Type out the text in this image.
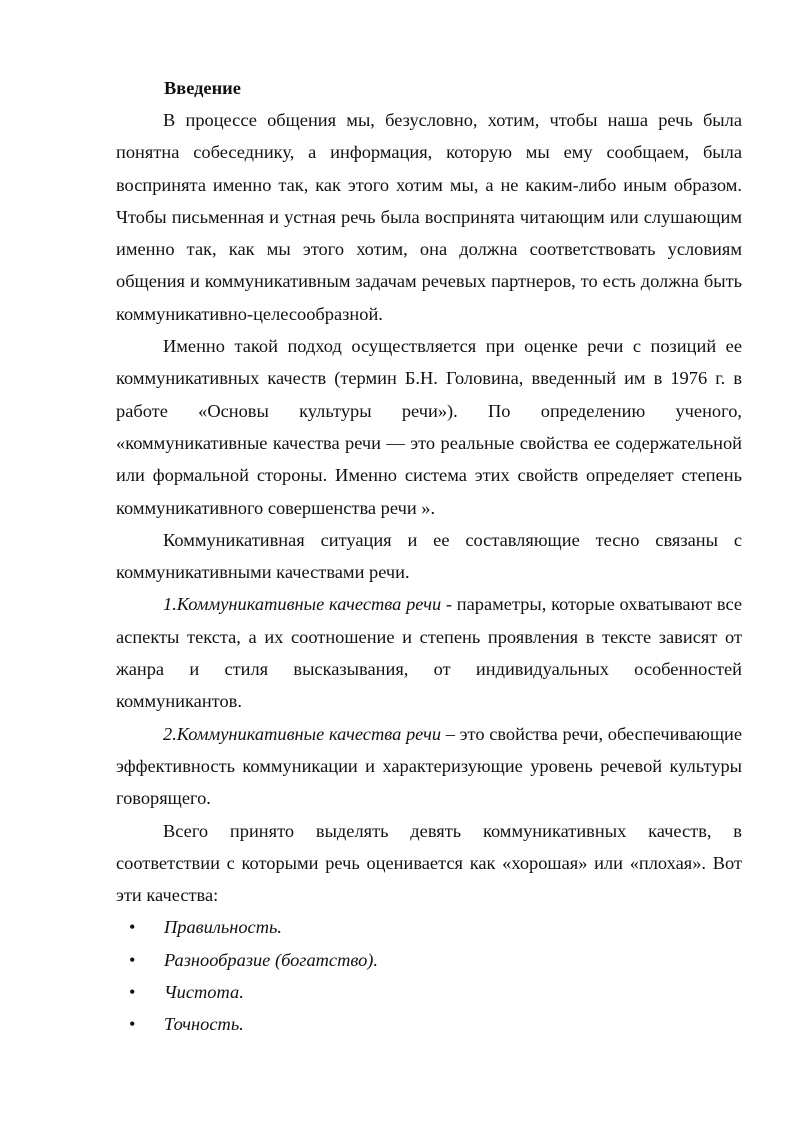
Введение

В процессе общения мы, безусловно, хотим, чтобы наша речь была понятна собеседнику, а информация, которую мы ему сообщаем, была воспринята именно так, как этого хотим мы, а не каким-либо иным образом. Чтобы письменная и устная речь была воспринята читающим или слушающим именно так, как мы этого хотим, она должна соответствовать условиям общения и коммуникативным задачам речевых партнеров, то есть должна быть коммуникативно-целесообразной.

Именно такой подход осуществляется при оценке речи с позиций ее коммуникативных качеств (термин Б.Н. Головина, введенный им в 1976 г. в работе «Основы культуры речи»). По определению ученого, «коммуникативные качества речи — это реальные свойства ее содержательной или формальной стороны. Именно система этих свойств определяет степень коммуникативного совершенства речи ».

Коммуникативная ситуация и ее составляющие тесно связаны с коммуникативными качествами речи.

1.Коммуникативные качества речи - параметры, которые охватывают все аспекты текста, а их соотношение и степень проявления в тексте зависят от жанра и стиля высказывания, от индивидуальных особенностей коммуникантов.

2.Коммуникативные качества речи – это свойства речи, обеспечивающие эффективность коммуникации и характеризующие уровень речевой культуры говорящего.

Всего принято выделять девять коммуникативных качеств, в соответствии с которыми речь оценивается как «хорошая» или «плохая». Вот эти качества:

• Правильность.
• Разнообразие (богатство).
• Чистота.
• Точность.
